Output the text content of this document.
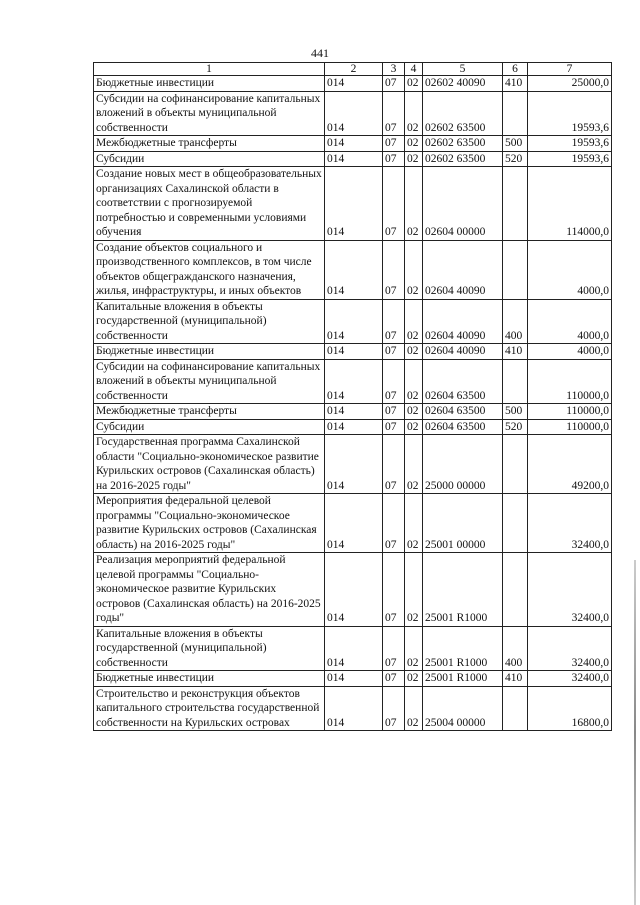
441
1	2	3	4	5	6	7
Бюджетные инвестиции	014	07	02	02602 40090	410	25000,0
Субсидии на софинансирование капитальных вложений в объекты муниципальной собственности	014	07	02	02602 63500		19593,6
Межбюджетные трансферты	014	07	02	02602 63500	500	19593,6
Субсидии	014	07	02	02602 63500	520	19593,6
Создание новых мест в общеобразовательных организациях Сахалинской области в соответствии с прогнозируемой потребностью и современными условиями обучения	014	07	02	02604 00000		114000,0
Создание объектов социального и производственного комплексов, в том числе объектов общегражданского назначения, жилья, инфраструктуры, и иных объектов	014	07	02	02604 40090		4000,0
Капитальные вложения в объекты государственной (муниципальной) собственности	014	07	02	02604 40090	400	4000,0
Бюджетные инвестиции	014	07	02	02604 40090	410	4000,0
Субсидии на софинансирование капитальных вложений в объекты муниципальной собственности	014	07	02	02604 63500		110000,0
Межбюджетные трансферты	014	07	02	02604 63500	500	110000,0
Субсидии	014	07	02	02604 63500	520	110000,0
Государственная программа Сахалинской области "Социально-экономическое развитие Курильских островов (Сахалинская область) на 2016-2025 годы"	014	07	02	25000 00000		49200,0
Мероприятия федеральной целевой программы "Социально-экономическое развитие Курильских островов (Сахалинская область) на 2016-2025 годы"	014	07	02	25001 00000		32400,0
Реализация мероприятий федеральной целевой программы "Социально-экономическое развитие Курильских островов (Сахалинская область) на 2016-2025 годы"	014	07	02	25001 R1000		32400,0
Капитальные вложения в объекты государственной (муниципальной) собственности	014	07	02	25001 R1000	400	32400,0
Бюджетные инвестиции	014	07	02	25001 R1000	410	32400,0
Строительство и реконструкция объектов капитального строительства государственной собственности на Курильских островах	014	07	02	25004 00000		16800,0
